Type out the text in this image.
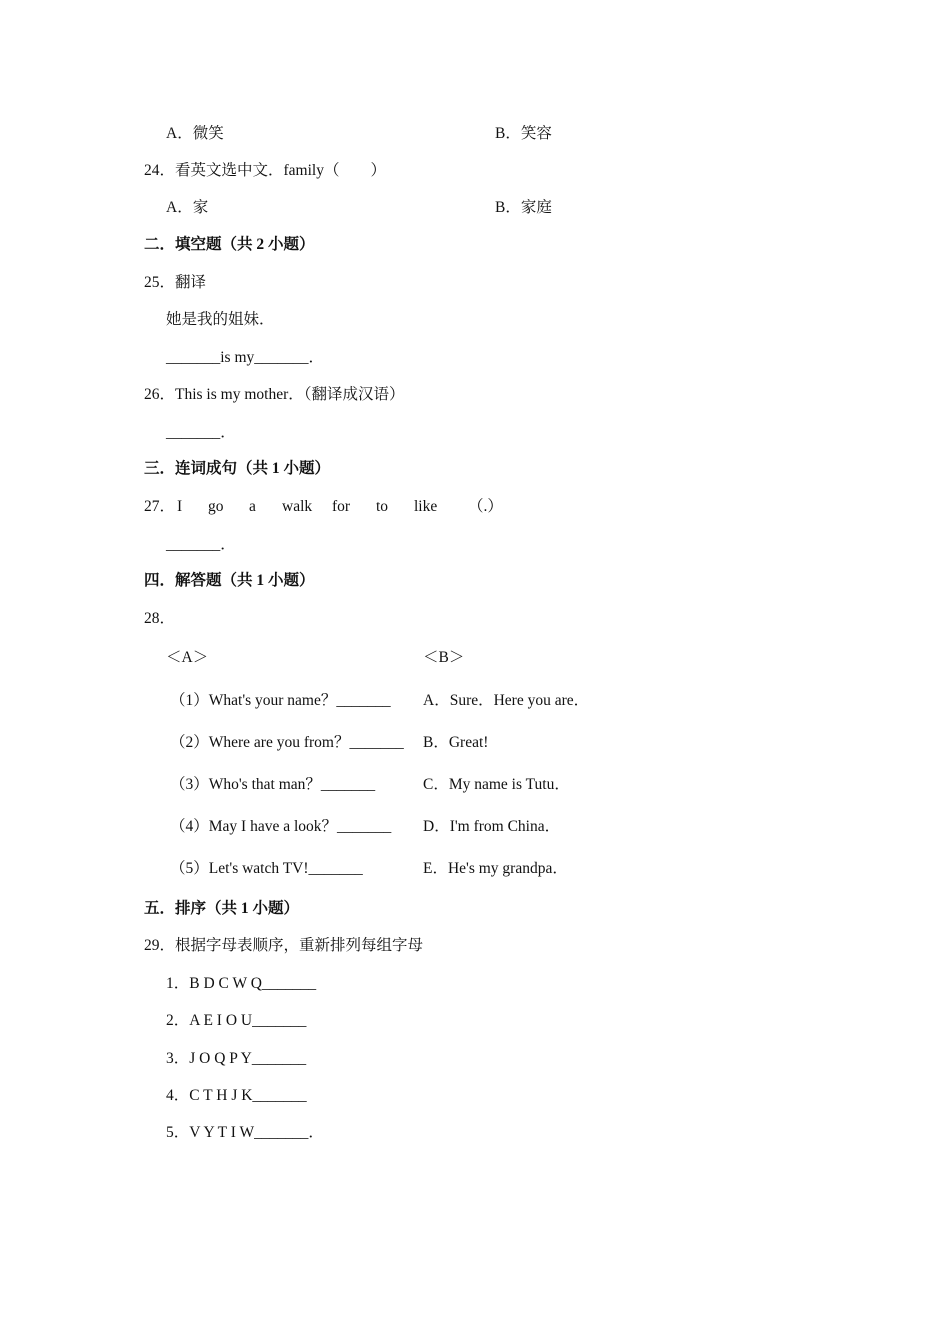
A．微笑	B．笑容
24．看英文选中文．family（　　）
A．家	B．家庭
二．填空题（共 2 小题）
25．翻译
她是我的姐妹．
_______is my_______．
26．This is my mother．（翻译成汉语）
_______．
三．连词成句（共 1 小题）
27． I go a walk for to like （.）
_______．
四．解答题（共 1 小题）
28．
＜A＞	＜B＞
（1）What's your name？_______ A．Sure．Here you are．
（2）Where are you from？_______ B．Great!
（3）Who's that man？_______	C．My name is Tutu．
（4）May I have a look？_______ D．I'm from China．
（5）Let's watch TV!_______	E．He's my grandpa．
五．排序（共 1 小题）
29．根据字母表顺序，重新排列每组字母
1．B D C W Q_______
2．A E I O U_______
3．J O Q P Y_______
4．C T H J K_______
5．V Y T I W_______．
